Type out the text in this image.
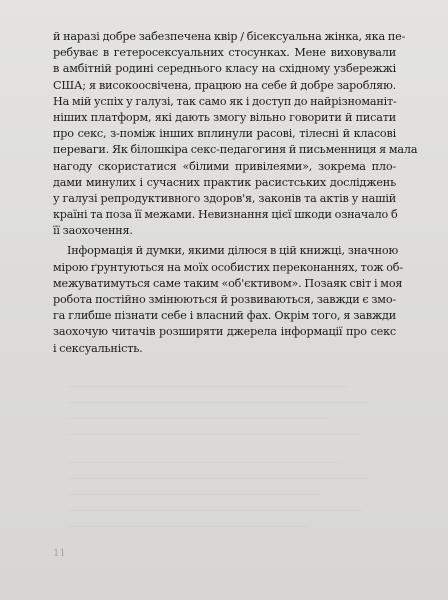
й наразі добре забезпечена квір / бісексуальна жінка, яка пе-
ребуває в гетеросексуальних стосунках. Мене виховували
в амбітній родині середнього класу на східному узбережжі
США; я високоосвічена, працюю на себе й добре заробляю.
На мій успіх у галузі, так само як і доступ до найрізноманіт-
ніших платформ, які дають змогу вільно говорити й писати
про секс, з-поміж інших вплинули расові, тілесні й класові
переваги. Як білошкіра секс-педагогиня й письменниця я мала
нагоду скористатися «білими привілеями», зокрема пло-
дами минулих і сучасних практик расистських досліджень
у галузі репродуктивного здоров'я, законів та актів у нашій
країні та поза її межами. Невизнання цієї шкоди означало б
її заохочення.
Інформація й думки, якими ділюся в цій книжці, значною
мірою ґрунтуються на моїх особистих переконаннях, тож об-
межуватимуться саме таким «об'єктивом». Позаяк світ і моя
робота постійно змінюються й розвиваються, завжди є змо-
га глибше пізнати себе і власний фах. Окрім того, я завжди
заохочую читачів розширяти джерела інформації про секс
і сексуальність.
11
